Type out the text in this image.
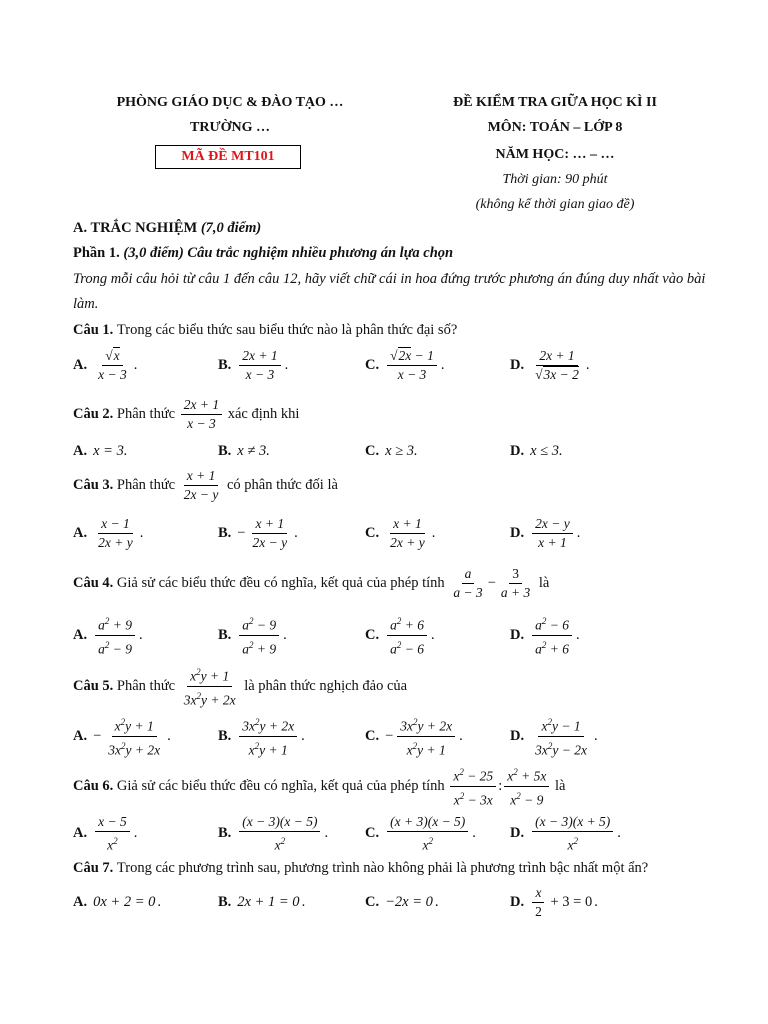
PHÒNG GIÁO DỤC & ĐÀO TẠO …
TRƯỜNG …
MÃ ĐỀ MT101
ĐỀ KIỂM TRA GIỮA HỌC KÌ II
MÔN: TOÁN – LỚP 8
NĂM HỌC: … – …
Thời gian: 90 phút
(không kể thời gian giao đề)
A. TRẮC NGHIỆM
(7,0 điểm)
Phần 1.
(3,0 điểm) Câu trắc nghiệm nhiều phương án lựa chọn
Trong mỗi câu hỏi từ câu 1 đến câu 12, hãy viết chữ cái in hoa đứng trước phương án đúng duy nhất vào bài làm.
Câu 1.
Trong các biểu thức sau biểu thức nào là phân thức đại số?
A. $\frac{√x}{x - 3}$ .	B. $\frac{2x + 1}{x - 3}$ .	C. $\frac{√2x - 1}{x - 3}$ .	D. $\frac{2x + 1}{√3x - 2}$ .
Câu 2.
Phân thức
$\frac{2x + 1}{x - 3}$
xác định khi
A. x = 3.	B. x ≠ 3.	C. x ≥ 3.	D. x ≤ 3.
Câu 3.
Phân thức
$\frac{x + 1}{2x - y}$
có phân thức đối là
A. $\frac{x - 1}{2x + y}$ .	B. − $\frac{x + 1}{2x - y}$ .	C. $\frac{x + 1}{2x + y}$ .	D. $\frac{2x - y}{x + 1}$ .
Câu 4.
Giả sử các biểu thức đều có nghĩa, kết quả của phép tính
$\frac{a}{a - 3} - \frac{3}{a + 3}$
là
A. $\frac{a^2 + 9}{a^2 - 9}$ .	B. $\frac{a^2 - 9}{a^2 + 9}$ .	C. $\frac{a^2 + 6}{a^2 - 6}$ .	D. $\frac{a^2 - 6}{a^2 + 6}$ .
Câu 5.
Phân thức
$\frac{x^2y + 1}{3x^2y + 2x}$
là phân thức nghịch đảo của
A. − $\frac{x^2y + 1}{3x^2y + 2x}$ .	B. $\frac{3x^2y + 2x}{x^2y + 1}$ .	C. − $\frac{3x^2y + 2x}{x^2y + 1}$ .	D. $\frac{x^2y - 1}{3x^2y - 2x}$ .
Câu 6.
Giả sử các biểu thức đều có nghĩa, kết quả của phép tính
$\frac{x^2 - 25}{x^2 - 3x}$ : $\frac{x^2 + 5x}{x^2 - 9}$
là
A. $\frac{x - 5}{x^2}$ .	B. $\frac{(x - 3)(x - 5)}{x^2}$ .	C. $\frac{(x + 3)(x - 5)}{x^2}$ . D. $\frac{(x - 3)(x + 5)}{x^2}$ .
Câu 7.
Trong các phương trình sau, phương trình nào không phải là phương trình bậc nhất một ẩn?
A. 0x + 2 = 0 .	B. 2x + 1 = 0 .	C. −2x = 0 .	D. $\frac{x}{2} + 3 = 0$ .
